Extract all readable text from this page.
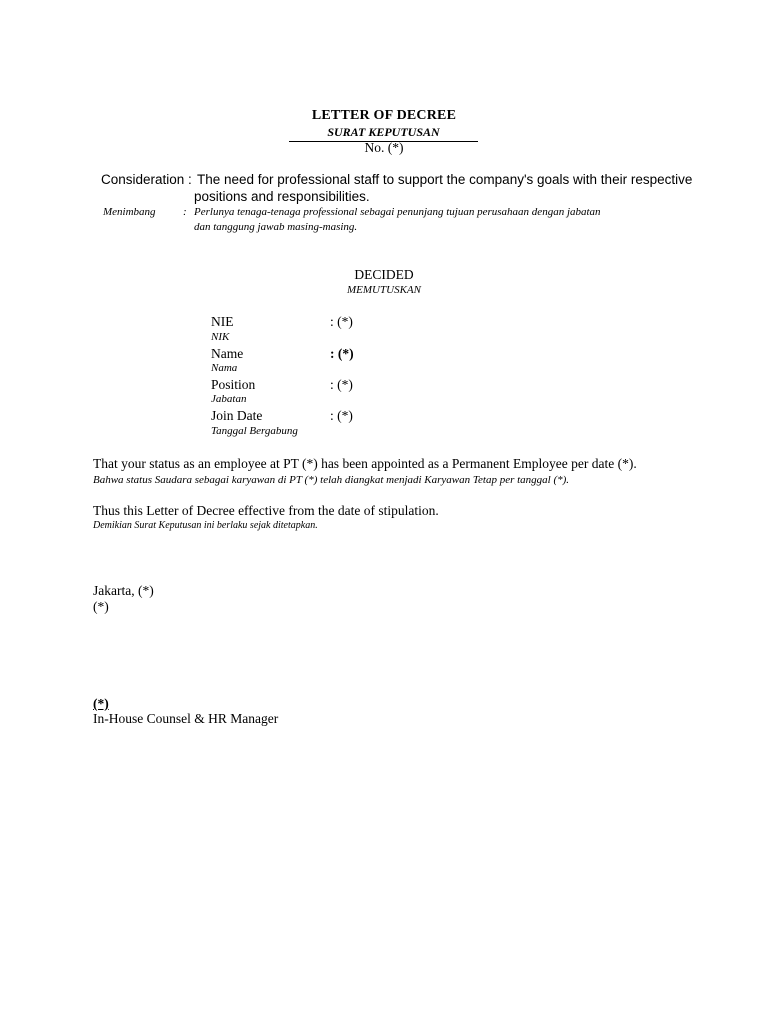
LETTER OF DECREE
SURAT KEPUTUSAN
No. (*)
Consideration : The need for professional staff to support the company's goals with their respective
positions and responsibilities.
Menimbang : Perlunya tenaga-tenaga professional sebagai penunjang tujuan perusahaan dengan jabatan
dan tanggung jawab masing-masing.
DECIDED
MEMUTUSKAN
NIE	: (*)
NIK
Name	: (*)
Nama
Position	: (*)
Jabatan
Join Date	: (*)
Tanggal Bergabung
That your status as an employee at PT (*) has been appointed as a Permanent Employee per date (*).
Bahwa status Saudara sebagai karyawan di PT (*) telah diangkat menjadi Karyawan Tetap per tanggal (*).
Thus this Letter of Decree effective from the date of stipulation.
Demikian Surat Keputusan ini berlaku sejak ditetapkan.
Jakarta, (*)
(*)
(*)
In-House Counsel & HR Manager
